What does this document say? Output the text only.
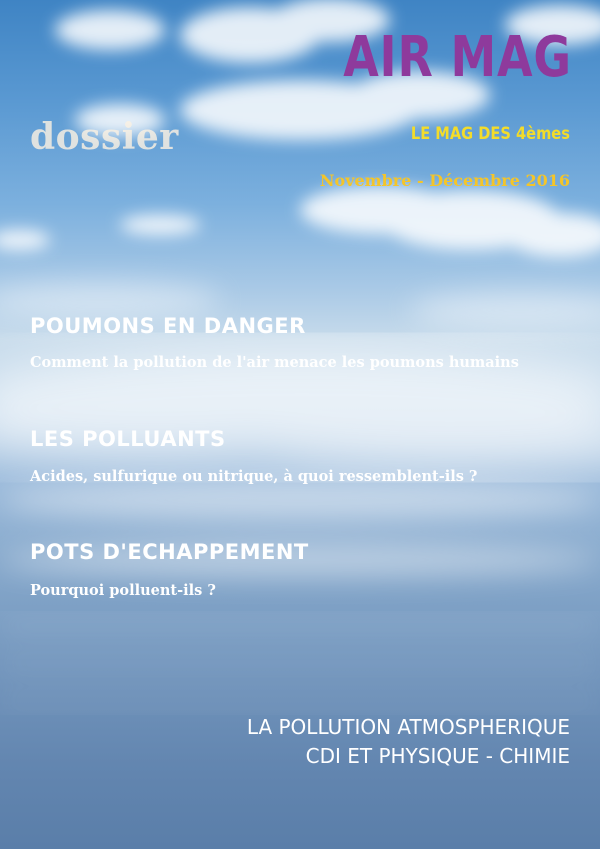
AIR MAG
LE MAG DES 4èmes
dossier
Novembre - Décembre 2016
POUMONS EN DANGER

Comment la pollution de l'air menace les poumons humains

LES POLLUANTS

Acides, sulfurique ou nitrique, à quoi ressemblent-ils ?

POTS D'ECHAPPEMENT

Pourquoi polluent-ils ?

LA POLLUTION ATMOSPHERIQUE
CDI ET PHYSIQUE - CHIMIE
